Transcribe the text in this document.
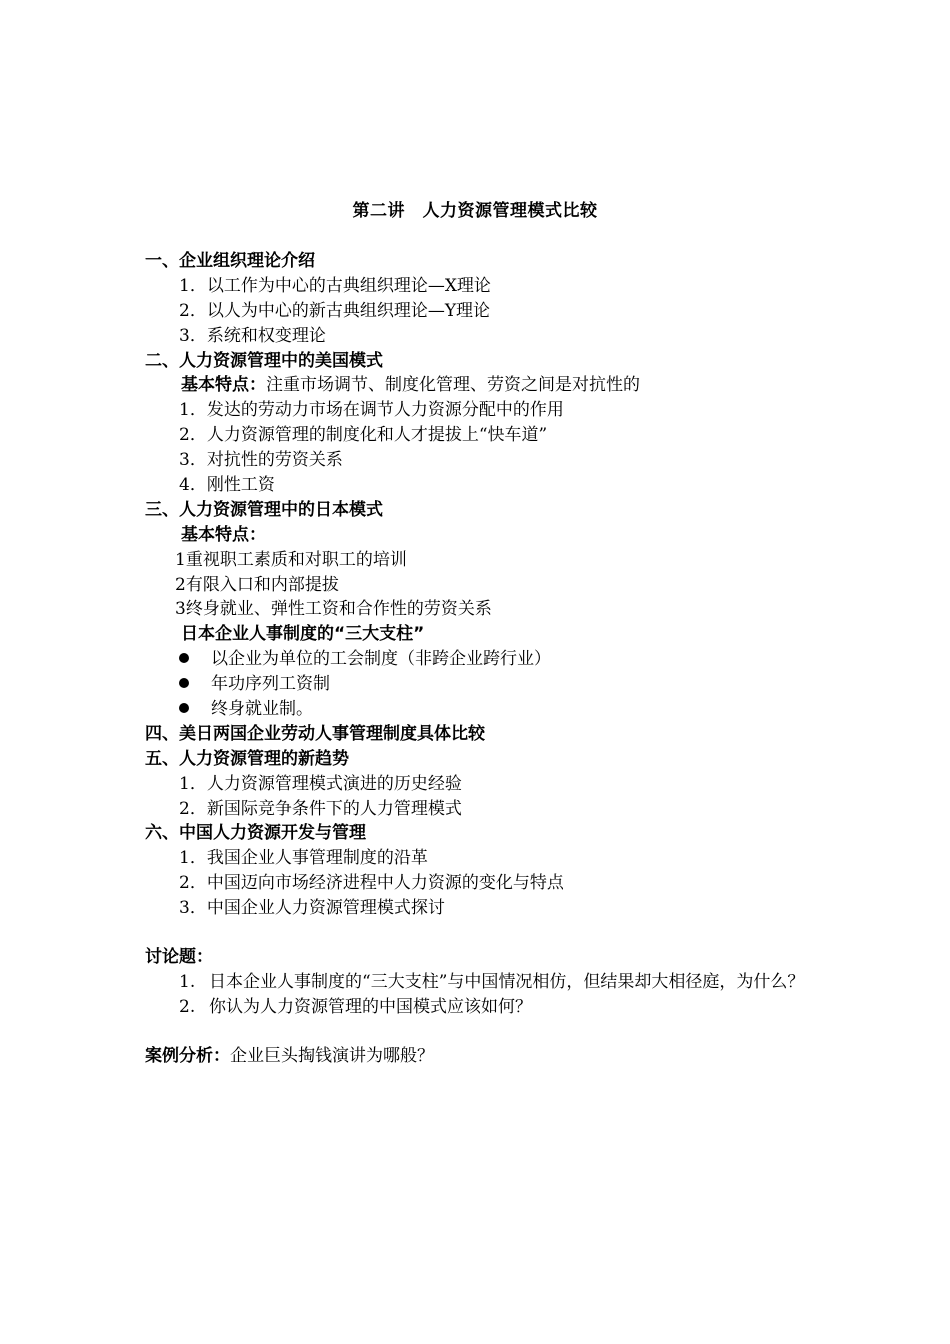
第二讲　人力资源管理模式比较
一、企业组织理论介绍
1．以工作为中心的古典组织理论—X理论
2．以人为中心的新古典组织理论—Y理论
3．系统和权变理论
二、人力资源管理中的美国模式
基本特点：注重市场调节、制度化管理、劳资之间是对抗性的
1．发达的劳动力市场在调节人力资源分配中的作用
2．人力资源管理的制度化和人才提拔上“快车道”
3．对抗性的劳资关系
4．刚性工资
三、人力资源管理中的日本模式
基本特点：
1重视职工素质和对职工的培训
2有限入口和内部提拔
3终身就业、弹性工资和合作性的劳资关系
日本企业人事制度的“三大支柱”
以企业为单位的工会制度（非跨企业跨行业）
年功序列工资制
终身就业制。
四、美日两国企业劳动人事管理制度具体比较
五、人力资源管理的新趋势
1．人力资源管理模式演进的历史经验
2．新国际竞争条件下的人力管理模式
六、中国人力资源开发与管理
1．我国企业人事管理制度的沿革
2．中国迈向市场经济进程中人力资源的变化与特点
3．中国企业人力资源管理模式探讨
讨论题：
1. 日本企业人事制度的“三大支柱”与中国情况相仿，但结果却大相径庭，为什么？
2. 你认为人力资源管理的中国模式应该如何？
案例分析：企业巨头掏钱演讲为哪般？
